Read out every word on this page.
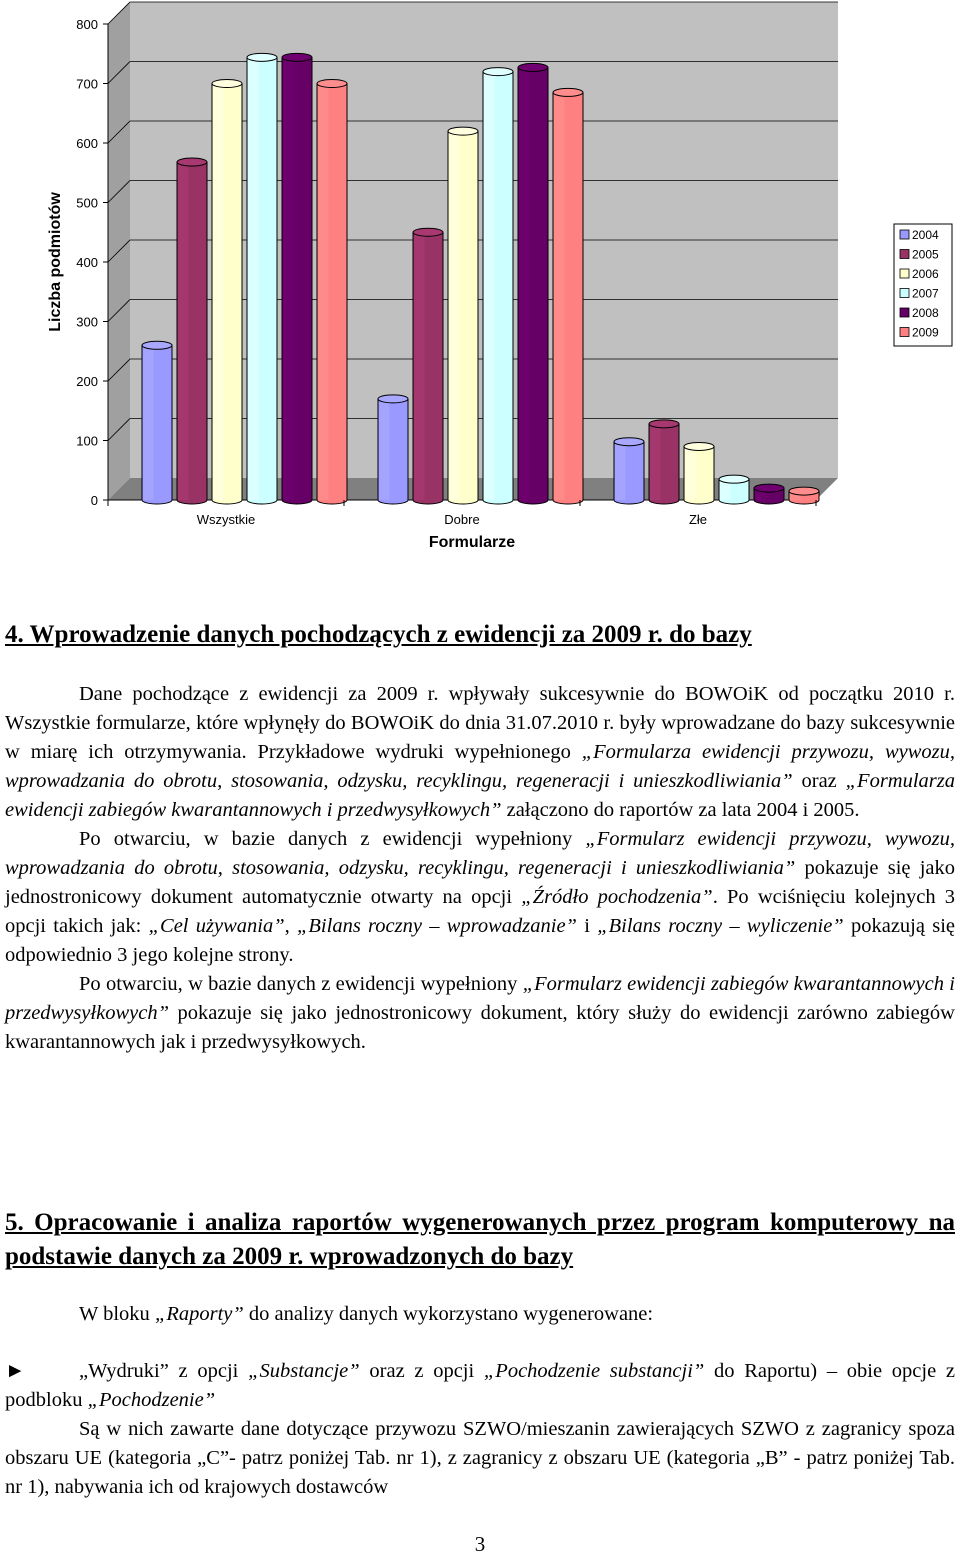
0
100
200
300
400
500
600
700
800
Wszystkie	Dobre	Złe
Liczba podmiotów
Formularze
2004
2005
2006
2007
2008
2009

4. Wprowadzenie danych pochodzących z ewidencji za 2009 r. do bazy

Dane pochodzące z ewidencji za 2009 r. wpływały sukcesywnie do BOWOiK od początku 2010 r. Wszystkie formularze, które wpłynęły do BOWOiK do dnia 31.07.2010 r. były wprowadzane do bazy sukcesywnie w miarę ich otrzymywania. Przykładowe wydruki wypełnionego „Formularza ewidencji przywozu, wywozu, wprowadzania do obrotu, stosowania, odzysku, recyklingu, regeneracji i unieszkodliwiania” oraz „Formularza ewidencji zabiegów kwarantannowych i przedwysyłkowych” załączono do raportów za lata 2004 i 2005.

Po otwarciu, w bazie danych z ewidencji wypełniony „Formularz ewidencji przywozu, wywozu, wprowadzania do obrotu, stosowania, odzysku, recyklingu, regeneracji i unieszkodliwiania” pokazuje się jako jednostronicowy dokument automatycznie otwarty na opcji „Źródło pochodzenia”. Po wciśnięciu kolejnych 3 opcji takich jak: „Cel używania”, „Bilans roczny – wprowadzanie” i „Bilans roczny – wyliczenie” pokazują się odpowiednio 3 jego kolejne strony.

Po otwarciu, w bazie danych z ewidencji wypełniony „Formularz ewidencji zabiegów kwarantannowych i przedwysyłkowych” pokazuje się jako jednostronicowy dokument, który służy do ewidencji zarówno zabiegów kwarantannowych jak i przedwysyłkowych.

5. Opracowanie i analiza raportów wygenerowanych przez program komputerowy na podstawie danych za 2009 r. wprowadzonych do bazy

W bloku „Raporty” do analizy danych wykorzystano wygenerowane:

►	„Wydruki” z opcji „Substancje” oraz z opcji „Pochodzenie substancji” do Raportu) – obie opcje z podbloku „Pochodzenie”

Są w nich zawarte dane dotyczące przywozu SZWO/mieszanin zawierających SZWO z zagranicy spoza obszaru UE (kategoria „C”- patrz poniżej Tab. nr 1), z zagranicy z obszaru UE (kategoria „B” - patrz poniżej Tab. nr 1), nabywania ich od krajowych dostawców

3
